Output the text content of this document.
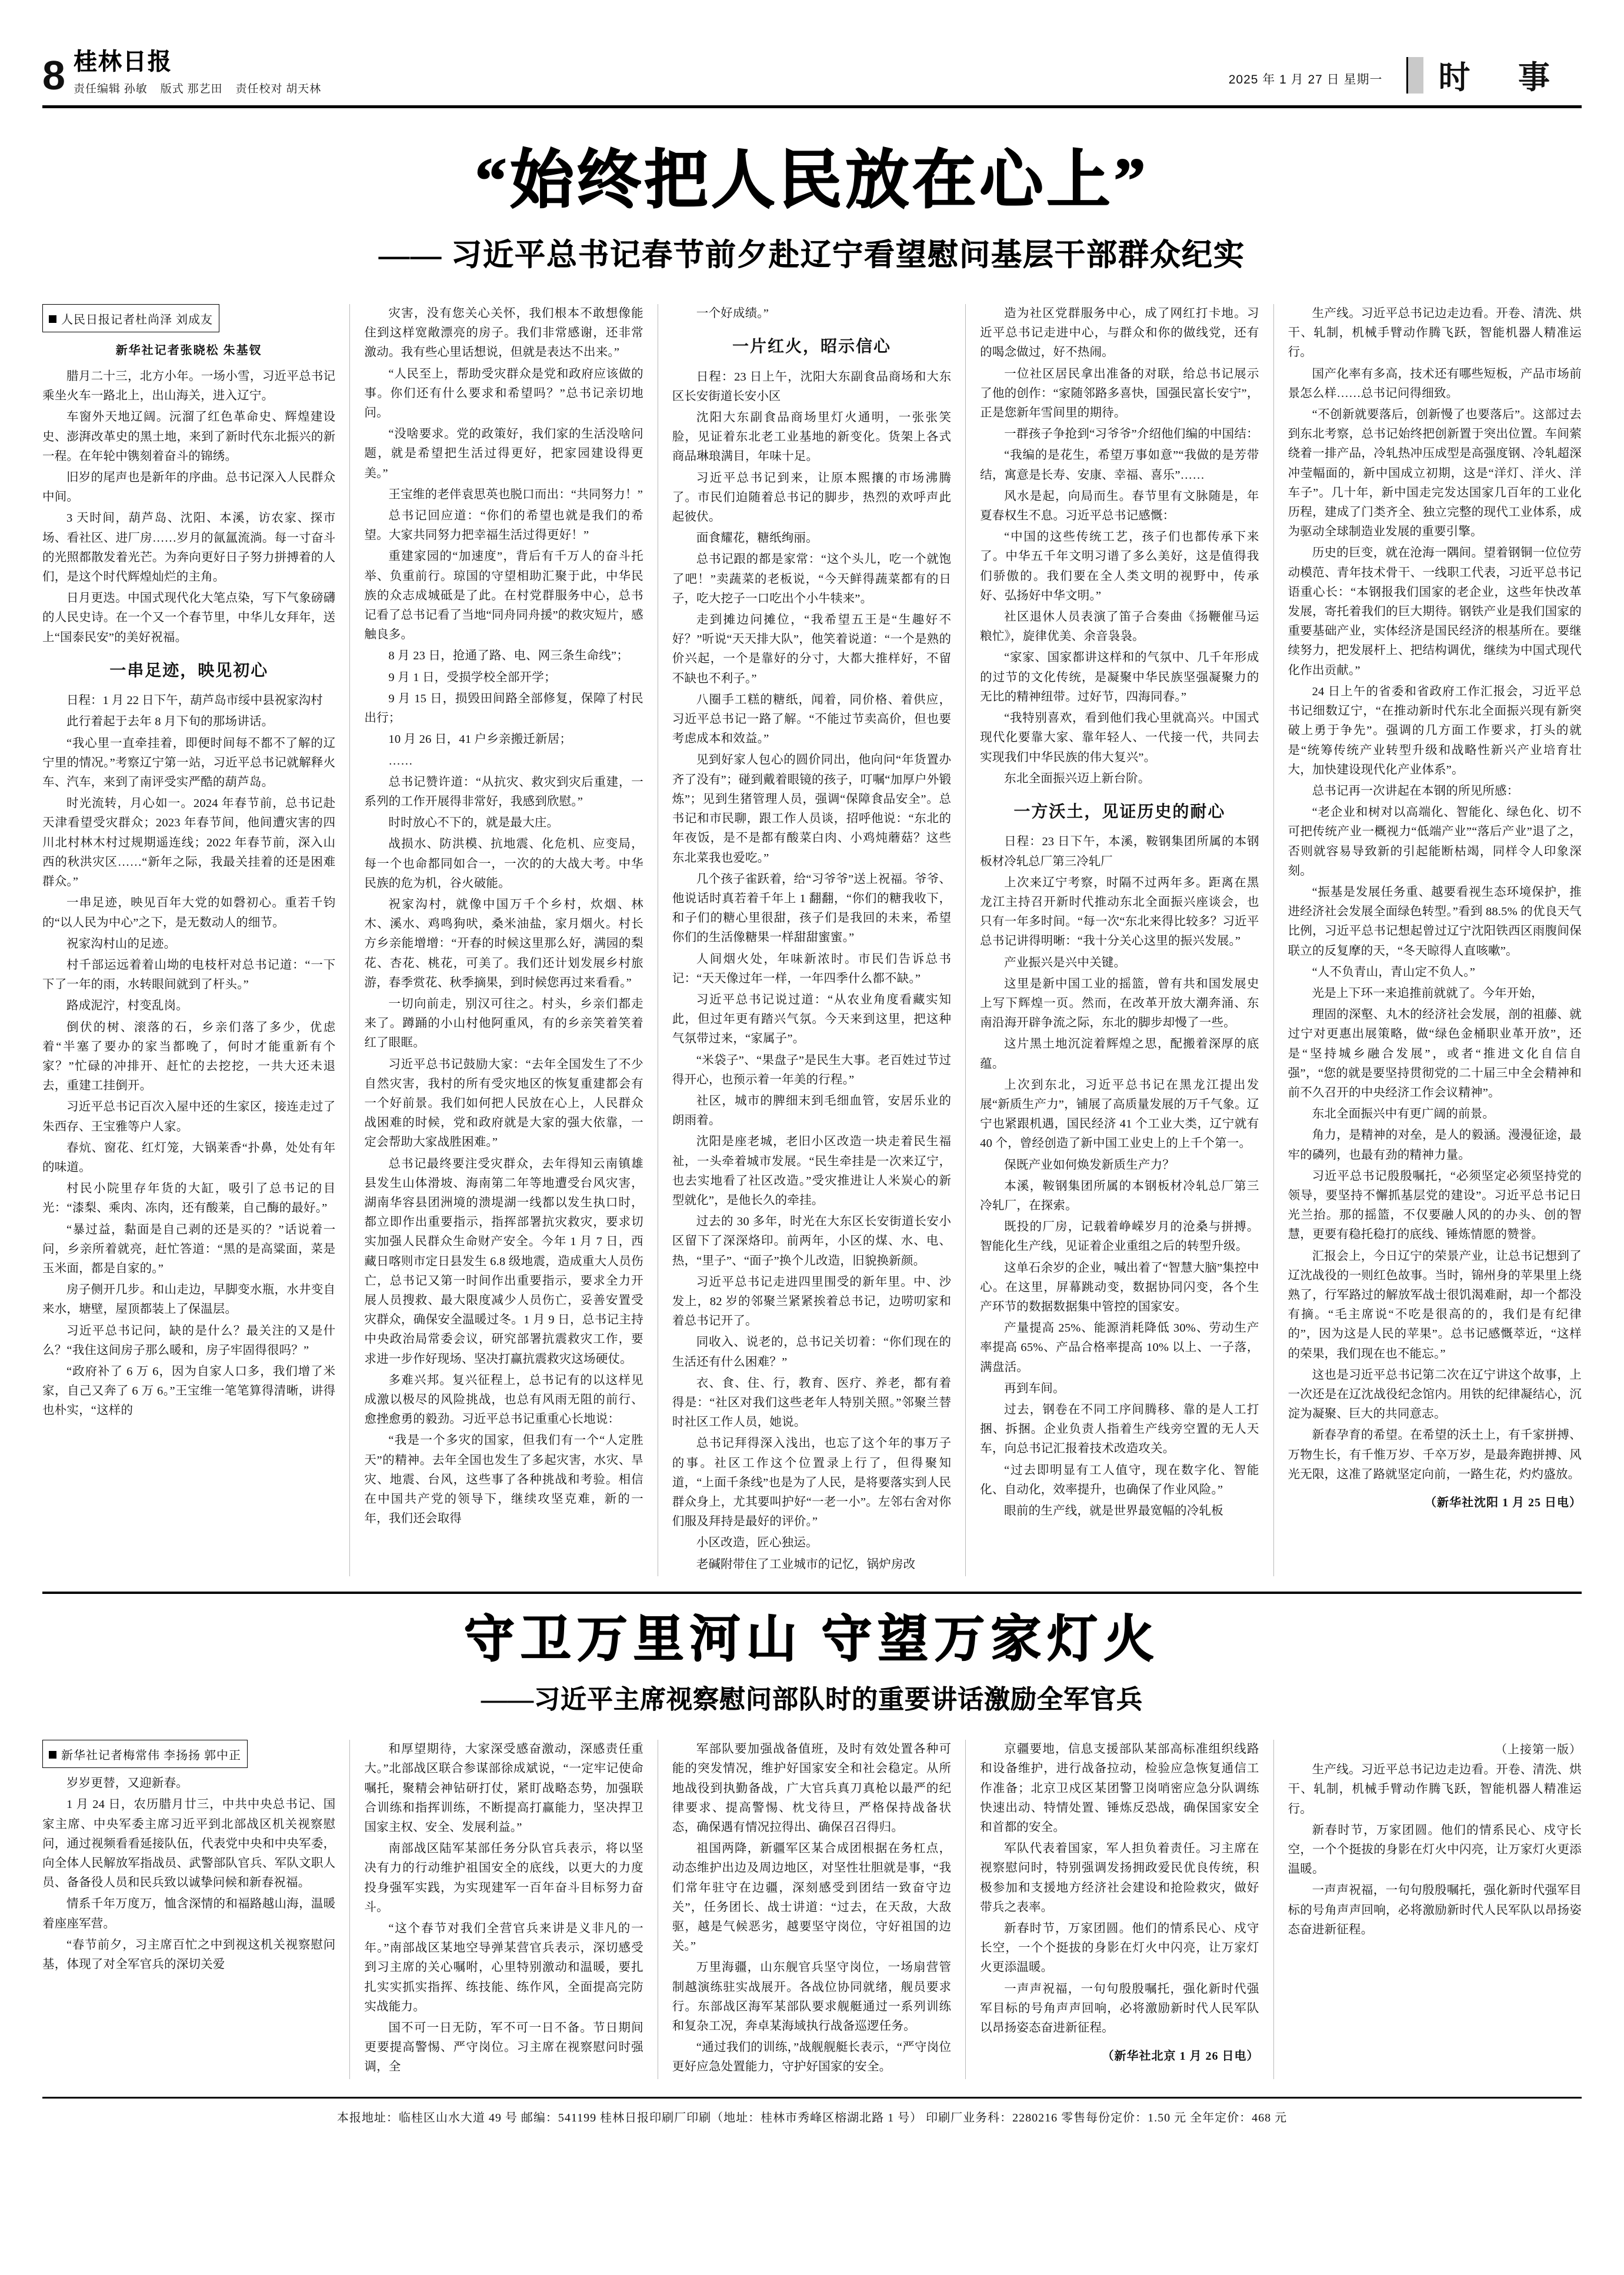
8 桂林日报
责任编辑 孙敏 版式 那艺田 责任校对 胡天林
2025 年 1 月 27 日 星期一 时 事
“始终把人民放在心上”
—— 习近平总书记春节前夕赴辽宁看望慰问基层干部群众纪实
人民日报记者杜尚泽 刘成友
新华社记者张晓松 朱基钗

腊月二十三，北方小年。一场小雪，习近平总书记乘坐火车一路北上，出山海关，进入辽宁。

车窗外天地辽阔。沅溜了红色革命史、辉煌建设史、澎湃改革史的黑土地，来到了新时代东北振兴的新一程。在年轮中镌刻着奋斗的锦绣。

旧岁的尾声也是新年的序曲。总书记深入人民群众中间。

3 天时间，葫芦岛、沈阳、本溪，访农家、探市场、看社区、进厂房……岁月的氤氲流淌。每一寸奋斗的光照都散发着光芒。为奔向更好日子努力拼搏着的人们，是这个时代辉煌灿烂的主角。

日月更迭。中国式现代化大笔点染，写下气象磅礴的人民史诗。在一个又一个春节里，中华儿女拜年，送上“国泰民安”的美好祝福。

一串足迹，映见初心
日程：1 月 22 日下午，葫芦岛市绥中县祝家沟村

此行着起于去年 8 月下旬的那场讲话。

“我心里一直牵挂着，即便时间每不都不了解的辽宁里的情况。”考察辽宁第一站，习近平总书记就解释火车、汽车，来到了南评受实严酷的葫芦岛。

时光流转，月心如一。2024 年春节前，总书记赴天津看望受灾群众；2023 年春节间，他间遭灾害的四川北村林木村过规期遥连线；2022 年春节前，深入山西的秋洪灾区……“新年之际，我最关挂着的还是困难群众。”

一串足迹，映见百年大党的如磬初心。重若千钧的“以人民为中心”之下，是无数动人的细节。

祝家沟村山的足迹。

村千部运远着着山坳的电枝杆对总书记道：“一下下了一年的雨，水转眼间就到了杆头。”

路成泥泞，村变乱岗。

倒伏的树、滚落的石，乡亲们落了多少，优虑着“半塞了要办的家当都晚了，何时才能重新有个家？”忙碌的冲排开、赶忙的去挖挖，一共大还未退去，重建工挂倒开。

习近平总书记百次入屋中还的生家区，接连走过了朱西存、王宝雅等户人家。

春炕、窗花、红灯笼，大锅莱香“扑鼻，处处有年的味道。

村民小院里存年货的大缸，吸引了总书记的目光：“漆梨、乘肉、冻肉，还有酸莱，自己酶的最好。”

“暴过益，黏面是自己剥的还是买的？”话说着一问，乡亲所着就亮，赶忙答道：“黑的是高粱面，菜是玉米面，都是自家的。”

房子侧开几步。和山走边，早脚变水瓶，水井变自来水，塘壁，屋顶都装上了保温层。

习近平总书记问，缺的是什么？最关注的又是什么？“我住这间房子那么暖和，房子牢固得很吗？”

“政府补了 6 万 6，因为自家人口多，我们增了米家，自己又奔了 6 万 6。”王宝维一笔笔算得清晰，讲得也朴实，“这样的

灾害，没有您关心关怀，我们根本不敢想像能住到这样宽敞漂亮的房子。我们非常感谢，还非常激动。我有些心里话想说，但就是表达不出来。”

“人民至上，帮助受灾群众是党和政府应该做的事。你们还有什么要求和希望吗？”总书记亲切地问。

“没啥要求。党的政策好，我们家的生活没啥问题，就是希望把生活过得更好，把家园建设得更美。”

王宝维的老伴袁思英也脱口而出：“共同努力！”

总书记回应道：“你们的希望也就是我们的希望。大家共同努力把幸福生活过得更好！”

重建家园的“加速度”，背后有千万人的奋斗托举、负重前行。琼国的守望相助汇聚于此，中华民族的众志成城砥是了此。在村党群服务中心，总书记看了总书记看了当地“同舟同舟援”的救灾短片，感触良多。

8 月 23 日，抢通了路、电、网三条生命线”；

9 月 1 日，受损学校全部开学；

9 月 15 日，损毁田间路全部修复，保障了村民出行；

10 月 26 日，41 户乡亲搬迁新居；

……

总书记赞许道：“从抗灾、救灾到灾后重建，一系列的工作开展得非常好，我感到欣慰。”

时时放心不下的，就是最大庄。

战损水、防洪模、抗地震、化危机、应变局，每一个也命都同如合一，一次的的大战大考。中华民族的危为机，谷火破能。

祝家沟村，就像中国万千个乡村，炊烟、林木、溪水、鸡鸣狗吠，桑米油盐，家月烟火。村长方乡亲能增增：“开春的时候这里那么好，满园的梨花、杏花、桃花，可美了。我们还计划发展乡村旅游，春季赏花、秋季摘果，到时候您再过来看看。”

一切向前走，别汉可往之。村头，乡亲们都走来了。蹲踊的小山村他阿重风，有的乡亲笑着笑着红了眼眶。

习近平总书记鼓励大家：“去年全国发生了不少自然灾害，我村的所有受灾地区的恢复重建都会有一个好前景。我们如何把人民放在心上，人民群众战困难的时候，党和政府就是大家的强大依靠，一定会帮助大家战胜困难。”

总书记最终要注受灾群众，去年得知云南镇雄县发生山体滑坡、海南第二年等地遭受台风灾害，湖南华容县团洲境的溃堤湖一线都以发生执口时，都立即作出重要指示，指挥部署抗灾救灾，要求切实加强人民群众生命财产安全。今年 1 月 7 日，西藏日喀则市定日县发生 6.8 级地震，造成重大人员伤亡，总书记又第一时间作出重要指示，要求全力开展人员搜救、最大限度减少人员伤亡，妥善安置受灾群众，确保安全温暖过冬。1 月 9 日，总书记主持中央政治局常委会议，研究部署抗震救灾工作，要求进一步作好现场、坚决打赢抗震救灾这场硬仗。

多难兴邦。复兴征程上，总书记有的以这样见成激以极尽的风险挑战，也总有风雨无阻的前行、愈挫愈勇的毅劲。习近平总书记重重心长地说：

“我是一个多灾的国家，但我们有一个“人定胜天”的精神。去年全国也发生了多起灾害，水灾、旱灾、地震、台风，这些事了各种挑战和考验。相信在中国共产党的领导下，继续攻坚克难，新的一年，我们还会取得

一个好成绩。”

一片红火，昭示信心
日程：23 日上午，沈阳大东副食品商场和大东区长安街道长安小区

沈阳大东副食品商场里灯火通明，一张张笑脸，见证着东北老工业基地的新变化。货架上各式商品琳琅满目，年味十足。

习近平总书记到来，让原本熙攘的市场沸腾了。市民们迫随着总书记的脚步，热烈的欢呼声此起彼伏。

面食耀花，糖纸绚丽。

总书记跟的都是家常：“这个头儿，吃一个就饱了吧！”卖蔬菜的老板说，“今天鲜得蔬菜都有的日子，吃大挖子一口吃出个小牛犊来”。

走到摊边问摊位，“我希望五王是“生趣好不好？”听说“天天排大队”，他笑着说道：“一个是熟的价兴起，一个是靠好的分寸，大都大推样好，不留不缺也不利子。”

八圈手工糕的糖纸，闻着，同价格、着供应，习近平总书记一路了解。“不能过节卖高价，但也要考虑成本和效益。”

见到好家人包心的圆价同出，他向问“年货置办齐了没有”；碰到戴着眼镜的孩子，叮嘱“加厚户外锻炼”；见到生猪管理人员，强调“保障食品安全”。总书记和市民聊，跟工作人员谈，招呼他说：“东北的年夜饭，是不是都有酸菜白肉、小鸡炖蘑菇？这些东北菜我也爱吃。”

几个孩子雀跃着，给“习爷爷”送上祝福。爷爷、他说话时真若着千年上 1 翻翻，“你们的糖我收下，和子们的糖心里很甜，孩子们是我回的未来，希望你们的生活像糖果一样甜甜蜜蜜。”

人间烟火处，年味新浓时。市民们告诉总书记：“天天像过年一样，一年四季什么都不缺。”

习近平总书记说过道：“从农业角度看藏实知此，但过年更有踏兴气氛。今天来到这里，把这种气氛带过来，“家属子”。

“米袋子”、“果盘子”是民生大事。老百姓过节过得开心，也预示着一年美的行程。”

社区，城市的脾细末到毛细血管，安居乐业的朗雨着。

沈阳是座老城，老旧小区改造一块走着民生福祉，一头牵着城市发展。“民生牵挂是一次来辽宁，也去实地看了社区改造。”受灾推进让人米炭心的新型就化”，是他长久的牵挂。

过去的 30 多年，时光在大东区长安街道长安小区留下了深深烙印。前两年，小区的煤、水、电、热，“里子”、“面子”换个儿改造，旧貌换新颜。

习近平总书记走进四里围受的新年里。中、沙发上，82 岁的邻聚兰紧紧挨着总书记，边唠叨家和着总书记开了。

同收入、说老的，总书记关切着：“你们现在的生活还有什么困难？”

衣、食、住、行，教育、医疗、养老，都有着得是：“社区对我们这些老年人特别关照。”邻聚兰替时社区工作人员，她说。

总书记拜得深入浅出，也忘了这个年的事万子的事。社区工作这个位置录上行了，但得聚知道，“上面千条线”也是为了人民，是将要落实到人民群众身上，尤其要叫护好“一老一小”。左邻右舍对你们服及拜持是最好的评价。”

小区改造，匠心独运。

老碱附带住了工业城市的记忆，锅炉房改

造为社区党群服务中心，成了网红打卡地。习近平总书记走进中心，与群众和你的做线党，还有的喝念做过，好不热闹。

一位社区居民拿出准备的对联，给总书记展示了他的创作：“家随邻路多喜快，国强民富长安宁”，正是您新年雪间里的期待。

一群孩子争抢到“习爷爷”介绍他们编的中国结：

“我编的是花生，希望万事如意”“我做的是芳带结，寓意是长寿、安康、幸福、喜乐”……

风水是起，向局而生。春节里有文脉随是，年夏春权生不息。习近平总书记感慨：

“中国的这些传统工艺，孩子们也都传承下来了。中华五千年文明习谱了多么美好，这是值得我们骄傲的。我们要在全人类文明的视野中，传承好、弘扬好中华文明。”

社区退休人员表演了笛子合奏曲《扬鞭催马运粮忙》，旋律优美、余音袅袅。

“家家、国家都讲这样和的气氛中、几千年形成的过节的文化传统，是凝聚中华民族坚强凝聚力的无比的精神纽带。过好节，四海同春。”

“我特别喜欢，看到他们我心里就高兴。中国式现代化要靠大家、靠年轻人、一代接一代，共同去实现我们中华民族的伟大复兴”。

东北全面振兴迈上新台阶。

一方沃土，见证历史的耐心
日程：23 日下午，本溪，鞍钢集团所属的本钢板材冷轧总厂第三冷轧厂

上次来辽宁考察，时隔不过两年多。距离在黑龙江主持召开新时代推动东北全面振兴座谈会，也只有一年多时间。“每一次“东北来得比较多？习近平总书记讲得明晰：“我十分关心这里的振兴发展。”

产业振兴是兴中关键。

这里是新中国工业的摇篮，曾有共和国发展史上写下辉煌一页。然而，在改革开放大潮奔涌、东南沿海开辟争流之际，东北的脚步却慢了一些。

这片黑土地沉淀着辉煌之思，配搬着深厚的底蕴。

上次到东北，习近平总书记在黑龙江提出发展“新质生产力”，铺展了高质量发展的万千气象。辽宁也紧跟机遇，国民经济 41 个工业大类，辽宁就有 40 个，曾经创造了新中国工业史上的上千个第一。

保既产业如何焕发新质生产力？

本溪，鞍钢集团所属的本钢板材冷轧总厂第三冷轧厂，在探索。

既投的厂房，记载着峥嵘岁月的沧桑与拼搏。智能化生产线，见证着企业重组之后的转型升级。

这单石余岁的企业，喊出着了“智慧大脑”集控中心。在这里，屏幕跳动变，数据协同闪变，各个生产环节的数据数据集中管控的国家安。

产量提高 25%、能源消耗降低 30%、劳动生产率提高 65%、产品合格率提高 10% 以上、一子落，满盘活。

再到车间。

过去，钢卷在不同工序间腾移、靠的是人工打捆、拆捆。企业负责人指着生产线旁空置的无人天车，向总书记汇报着技术改造攻关。

“过去即明显有工人值守，现在数字化、智能化、自动化，效率提升，也确保了作业风险。”

眼前的生产线，就是世界最宽幅的冷轧板

生产线。习近平总书记边走边看。开卷、清洗、烘干、轧制，机械手臂动作腾飞跃，智能机器人精准运行。

国产化率有多高，技术还有哪些短板，产品市场前景怎么样……总书记问得细致。

“不创新就要落后，创新慢了也要落后”。这部过去到东北考察，总书记始终把创新置于突出位置。车间萦绕着一排产品，冷轧热冲压成型是高强度钢、冷轧超深冲莹幅面的，新中国成立初期，这是“洋灯、洋火、洋车子”。几十年，新中国走完发达国家几百年的工业化历程，建成了门类齐全、独立完整的现代工业体系，成为驱动全球制造业发展的重要引擎。

历史的巨变，就在沧海一隅间。望着钢铜一位位劳动模范、青年技术骨干、一线职工代表，习近平总书记语重心长：“本钢报我们国家的老企业，这些年快改革发展，寄托着我们的巨大期待。钢铁产业是我们国家的重要基础产业，实体经济是国民经济的根基所在。要继续努力，把发展杆上、把结构调优，继续为中国式现代化作出贡献。”

24 日上午的省委和省政府工作汇报会，习近平总书记细数辽宁，“在推动新时代东北全面振兴现有新突破上勇于争先”。强调的几方面工作要求，打头的就是“统筹传统产业转型升级和战略性新兴产业培育壮大，加快建设现代化产业体系”。

总书记再一次讲起在本钢的所见所感：

“老企业和树对以高端化、智能化、绿色化、切不可把传统产业一概视力“低端产业”“落后产业”退了之，否则就容易导致新的引起能断枯竭，同样令人印象深刻。

“振基是发展任务重、越要看视生态环境保护，推进经济社会发展全面绿色转型。”看到 88.5% 的优良天气比例，习近平总书记想起曾过辽宁沈阳铁西区雨腹间保联立的反复摩的天，“冬天晾得人直咳嗽”。

“人不负青山，青山定不负人。”

光是上下环一来追推前就就了。今年开始，

理固的深壑、丸木的经济社会发展，剖的祖藤、就过宁对更惠出展策略，做“绿色金桶职业革开放”，还是“坚持城乡融合发展”，或者“推进文化自信自强”，“您的就是要坚持贯彻党的二十届三中全会精神和前不久召开的中央经济工作会议精神”。

东北全面振兴中有更广阔的前景。

角力，是精神的对垒，是人的毅涵。漫漫征途，最牢的磷列，也最有劲的精神力量。

习近平总书记殷殷嘱托，“必须坚定必须坚持党的领导，要坚持不懈抓基层党的建设”。习近平总书记日光兰抬。那的摇篮，不仅要融人风的的办头、创的智慧，更要有稳托稳打的底线、锤炼情愿的赞誉。

汇报会上，今日辽宁的荣景产业，让总书记想到了辽沈战役的一则红色故事。当时，锦州身的苹果里上绕熟了，行军路过的解放军战士很饥渴难耐，却一个都没有摘。“毛主席说“不吃是很高的的，我们是有纪律的”，因为这是人民的苹果”。总书记感慨萃近，“这样的荣果，我们现在也不能忘。”

这也是习近平总书记第二次在辽宁讲这个故事，上一次还是在辽沈战役纪念馆内。用铁的纪律凝结心，沉淀为凝聚、巨大的共同意志。

新春孕育的希望。在希望的沃土上，有千家拼搏、万物生长，有千惟万岁、千卒万岁，是最奔跑拼搏、风光无限，这准了路就坚定向前，一路生花，灼灼盛放。

（新华社沈阳 1 月 25 日电）
守卫万里河山 守望万家灯火
——习近平主席视察慰问部队时的重要讲话激励全军官兵
新华社记者梅常伟 李扬扬 郭中正

岁岁更替，又迎新春。

1 月 24 日，农历腊月廿三，中共中央总书记、国家主席、中央军委主席习近平到北部战区机关视察慰问，通过视频看看延接队伍，代表党中央和中央军委，向全体人民解放军指战员、武警部队官兵、军队文职人员、备备役人员和民兵致以诚挚问候和新春祝福。

情系千年万度万，恤含深情的和福路越山海，温暖着座座军营。

“春节前夕，习主席百忙之中到视这机关视察慰问基，体现了对全军官兵的深切关爱

和厚望期待，大家深受感奋激动，深感责任重大。”北部战区联合参谋部徐成斌说，“一定牢记使命嘱托，聚精会神钻研打仗，紧盯战略态势，加强联合训练和指挥训练，不断提高打赢能力，坚决捍卫国家主权、安全、发展利益。”

南部战区陆军某部任务分队官兵表示，将以坚决有力的行动维护祖国安全的底线，以更大的力度投身强军实践，为实现建军一百年奋斗目标努力奋斗。

“这个春节对我们全营官兵来讲是义非凡的一年。”南部战区某地空导弹某营官兵表示，深切感受到习主席的关心嘱咐，心里特别激动和温暖，要扎扎实实抓实指挥、练技能、练作风，全面提高完防实战能力。

国不可一日无防，军不可一日不备。节日期间更要提高警惕、严守岗位。习主席在视察慰问时强调，全

军部队要加强战备值班，及时有效处置各种可能的突发情况，维护好国家安全和社会稳定。从所地战役到执勤备战，广大官兵真刀真枪以最严的纪律要求、提高警惕、枕戈待旦，严格保持战备状态，确保遇有情况拉得出、确保召召得归。

祖国两降，新疆军区某合成团根据在务杠点，动态维护出边及周边地区，对坚性壮胆就是事，“我们常年驻守在边疆，深刻感受到团结一致奋守边关”，任务团长、战士讲道：“过去，在天敌，大敌驱，越是气候恶劣，越要坚守岗位，守好祖国的边关。”

万里海疆，山东舰官兵坚守岗位，一场扇营管制越演练驻实战展开。各战位协同就绪，舰员要求行。东部战区海军某部队要求舰艇通过一系列训练和复杂工况，奔卓某海域执行战备巡逻任务。

“通过我们的训练，”战舰舰艇长表示，“严守岗位更好应急处置能力，守护好国家的安全。

京疆要地，信息支援部队某部高标准组织线路和设备维护，进行战备拉动，检验应急恢复通信工作准备；北京卫戍区某团警卫岗哨密应急分队调练快速出动、特情处置、锤炼反恐战，确保国家安全和首都的安全。

军队代表着国家，军人担负着责任。习主席在视察慰问时，特别强调发扬拥政爱民优良传统，积极参加和支援地方经济社会建设和抢险救灾，做好带兵之表率。

新春时节，万家团圆。他们的情系民心、戍守长空，一个个挺拔的身影在灯火中闪亮，让万家灯火更添温暖。

一声声祝福，一句句殷殷嘱托，强化新时代强军目标的号角声声回响，必将激励新时代人民军队以昂扬姿态奋进新征程。

（新华社北京 1 月 26 日电）
（上接第一版）

生产线。习近平总书记边走边看。开卷、清洗、烘干、轧制，机械手臂动作腾飞跃，智能机器人精准运行。

新春时节，万家团圆。他们的情系民心、戍守长空，一个个挺拔的身影在灯火中闪亮，让万家灯火更添温暖。

一声声祝福，一句句殷殷嘱托，强化新时代强军目标的号角声声回响，必将激励新时代人民军队以昂扬姿态奋进新征程。

本报地址：临桂区山水大道 49 号 邮编：541199 桂林日报印刷厂印刷（地址：桂林市秀峰区榕湖北路 1 号） 印刷厂业务科：2280216 零售每份定价：1.50 元 全年定价：468 元
